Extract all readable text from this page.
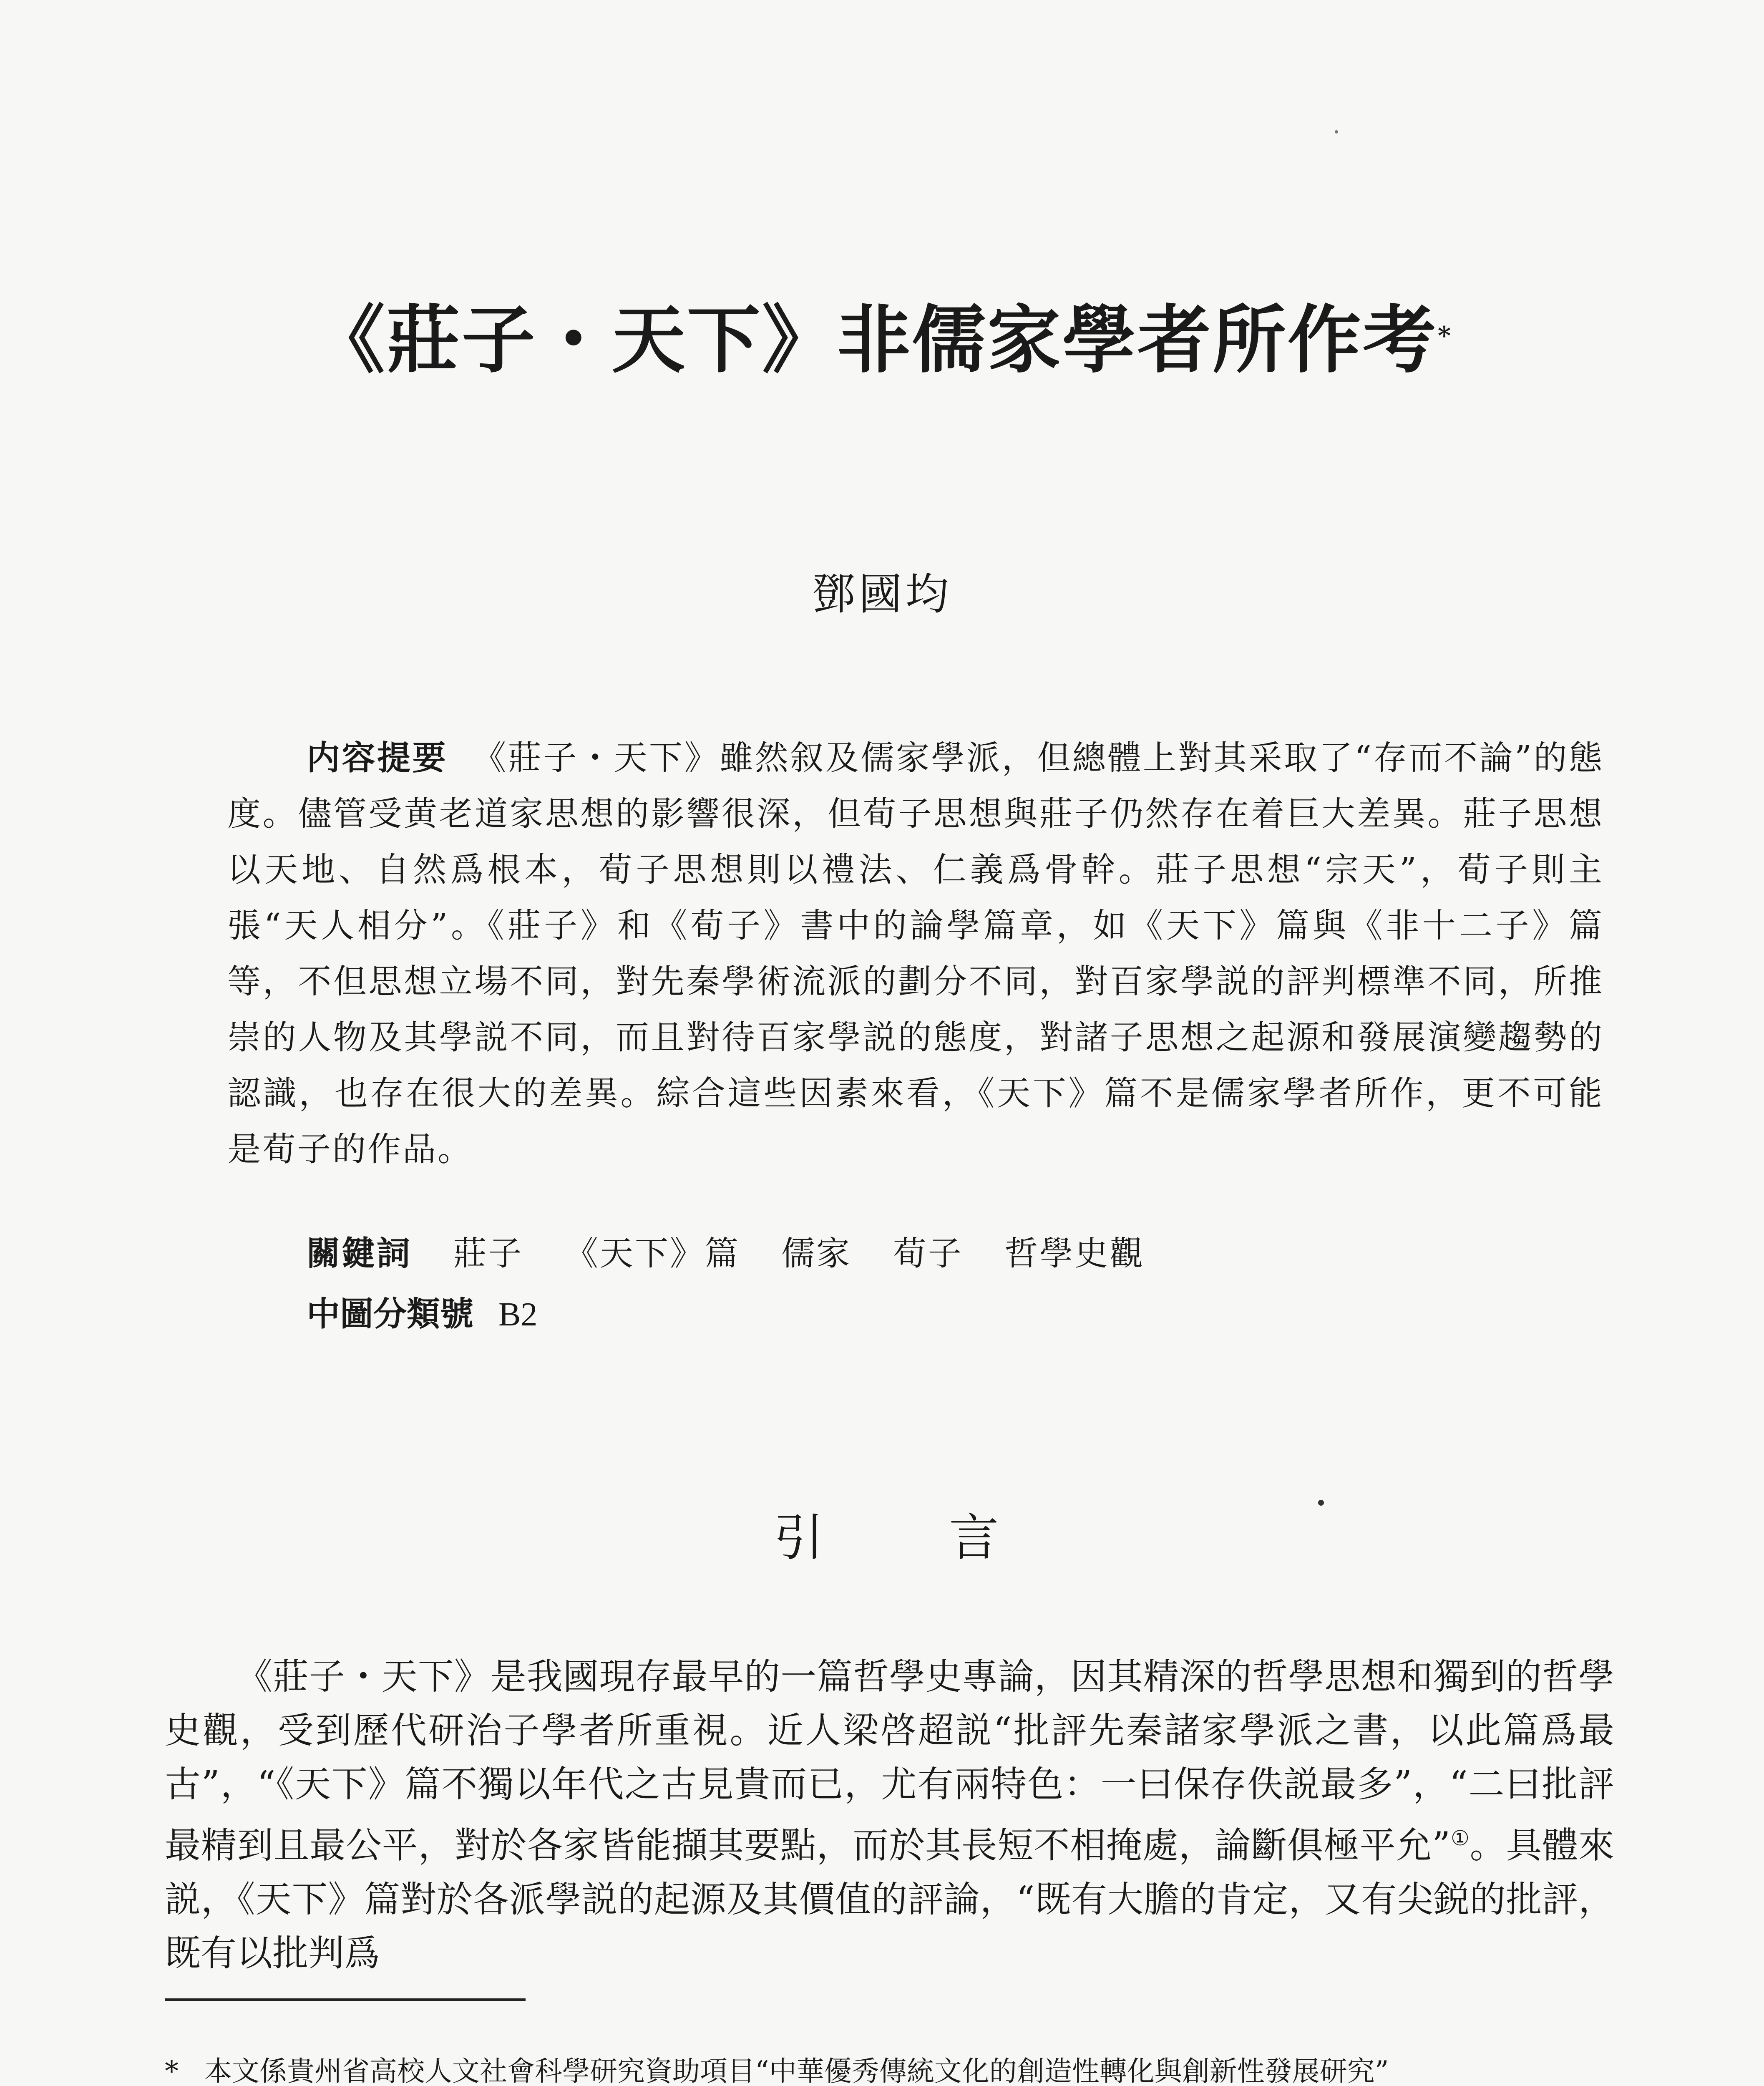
《莊子・天下》非儒家學者所作考*
鄧國均
内容提要 《莊子・天下》雖然叙及儒家學派，但總體上對其采取了“存而不論”的態度。儘管受黄老道家思想的影響很深，但荀子思想與莊子仍然存在着巨大差異。莊子思想以天地、自然爲根本，荀子思想則以禮法、仁義爲骨幹。莊子思想“宗天”，荀子則主張“天人相分”。《莊子》和《荀子》書中的論學篇章，如《天下》篇與《非十二子》篇等，不但思想立場不同，對先秦學術流派的劃分不同，對百家學説的評判標準不同，所推崇的人物及其學説不同，而且對待百家學説的態度，對諸子思想之起源和發展演變趨勢的認識，也存在很大的差異。綜合這些因素來看，《天下》篇不是儒家學者所作，更不可能是荀子的作品。
關鍵詞 莊子 《天下》篇 儒家 荀子 哲學史觀
中圖分類號 B2
引言
《莊子・天下》是我國現存最早的一篇哲學史專論，因其精深的哲學思想和獨到的哲學史觀，受到歷代研治子學者所重視。近人梁啓超説“批評先秦諸家學派之書，以此篇爲最古”，“《天下》篇不獨以年代之古見貴而已，尤有兩特色：一曰保存佚説最多”，“二曰批評最精到且最公平，對於各家皆能擷其要點，而於其長短不相掩處，論斷俱極平允”①。具體來説，《天下》篇對於各派學説的起源及其價值的評論，“既有大膽的肯定，又有尖鋭的批評，既有以批判爲
* 本文係貴州省高校人文社會科學研究資助項目“中華優秀傳統文化的創造性轉化與創新性發展研究”
